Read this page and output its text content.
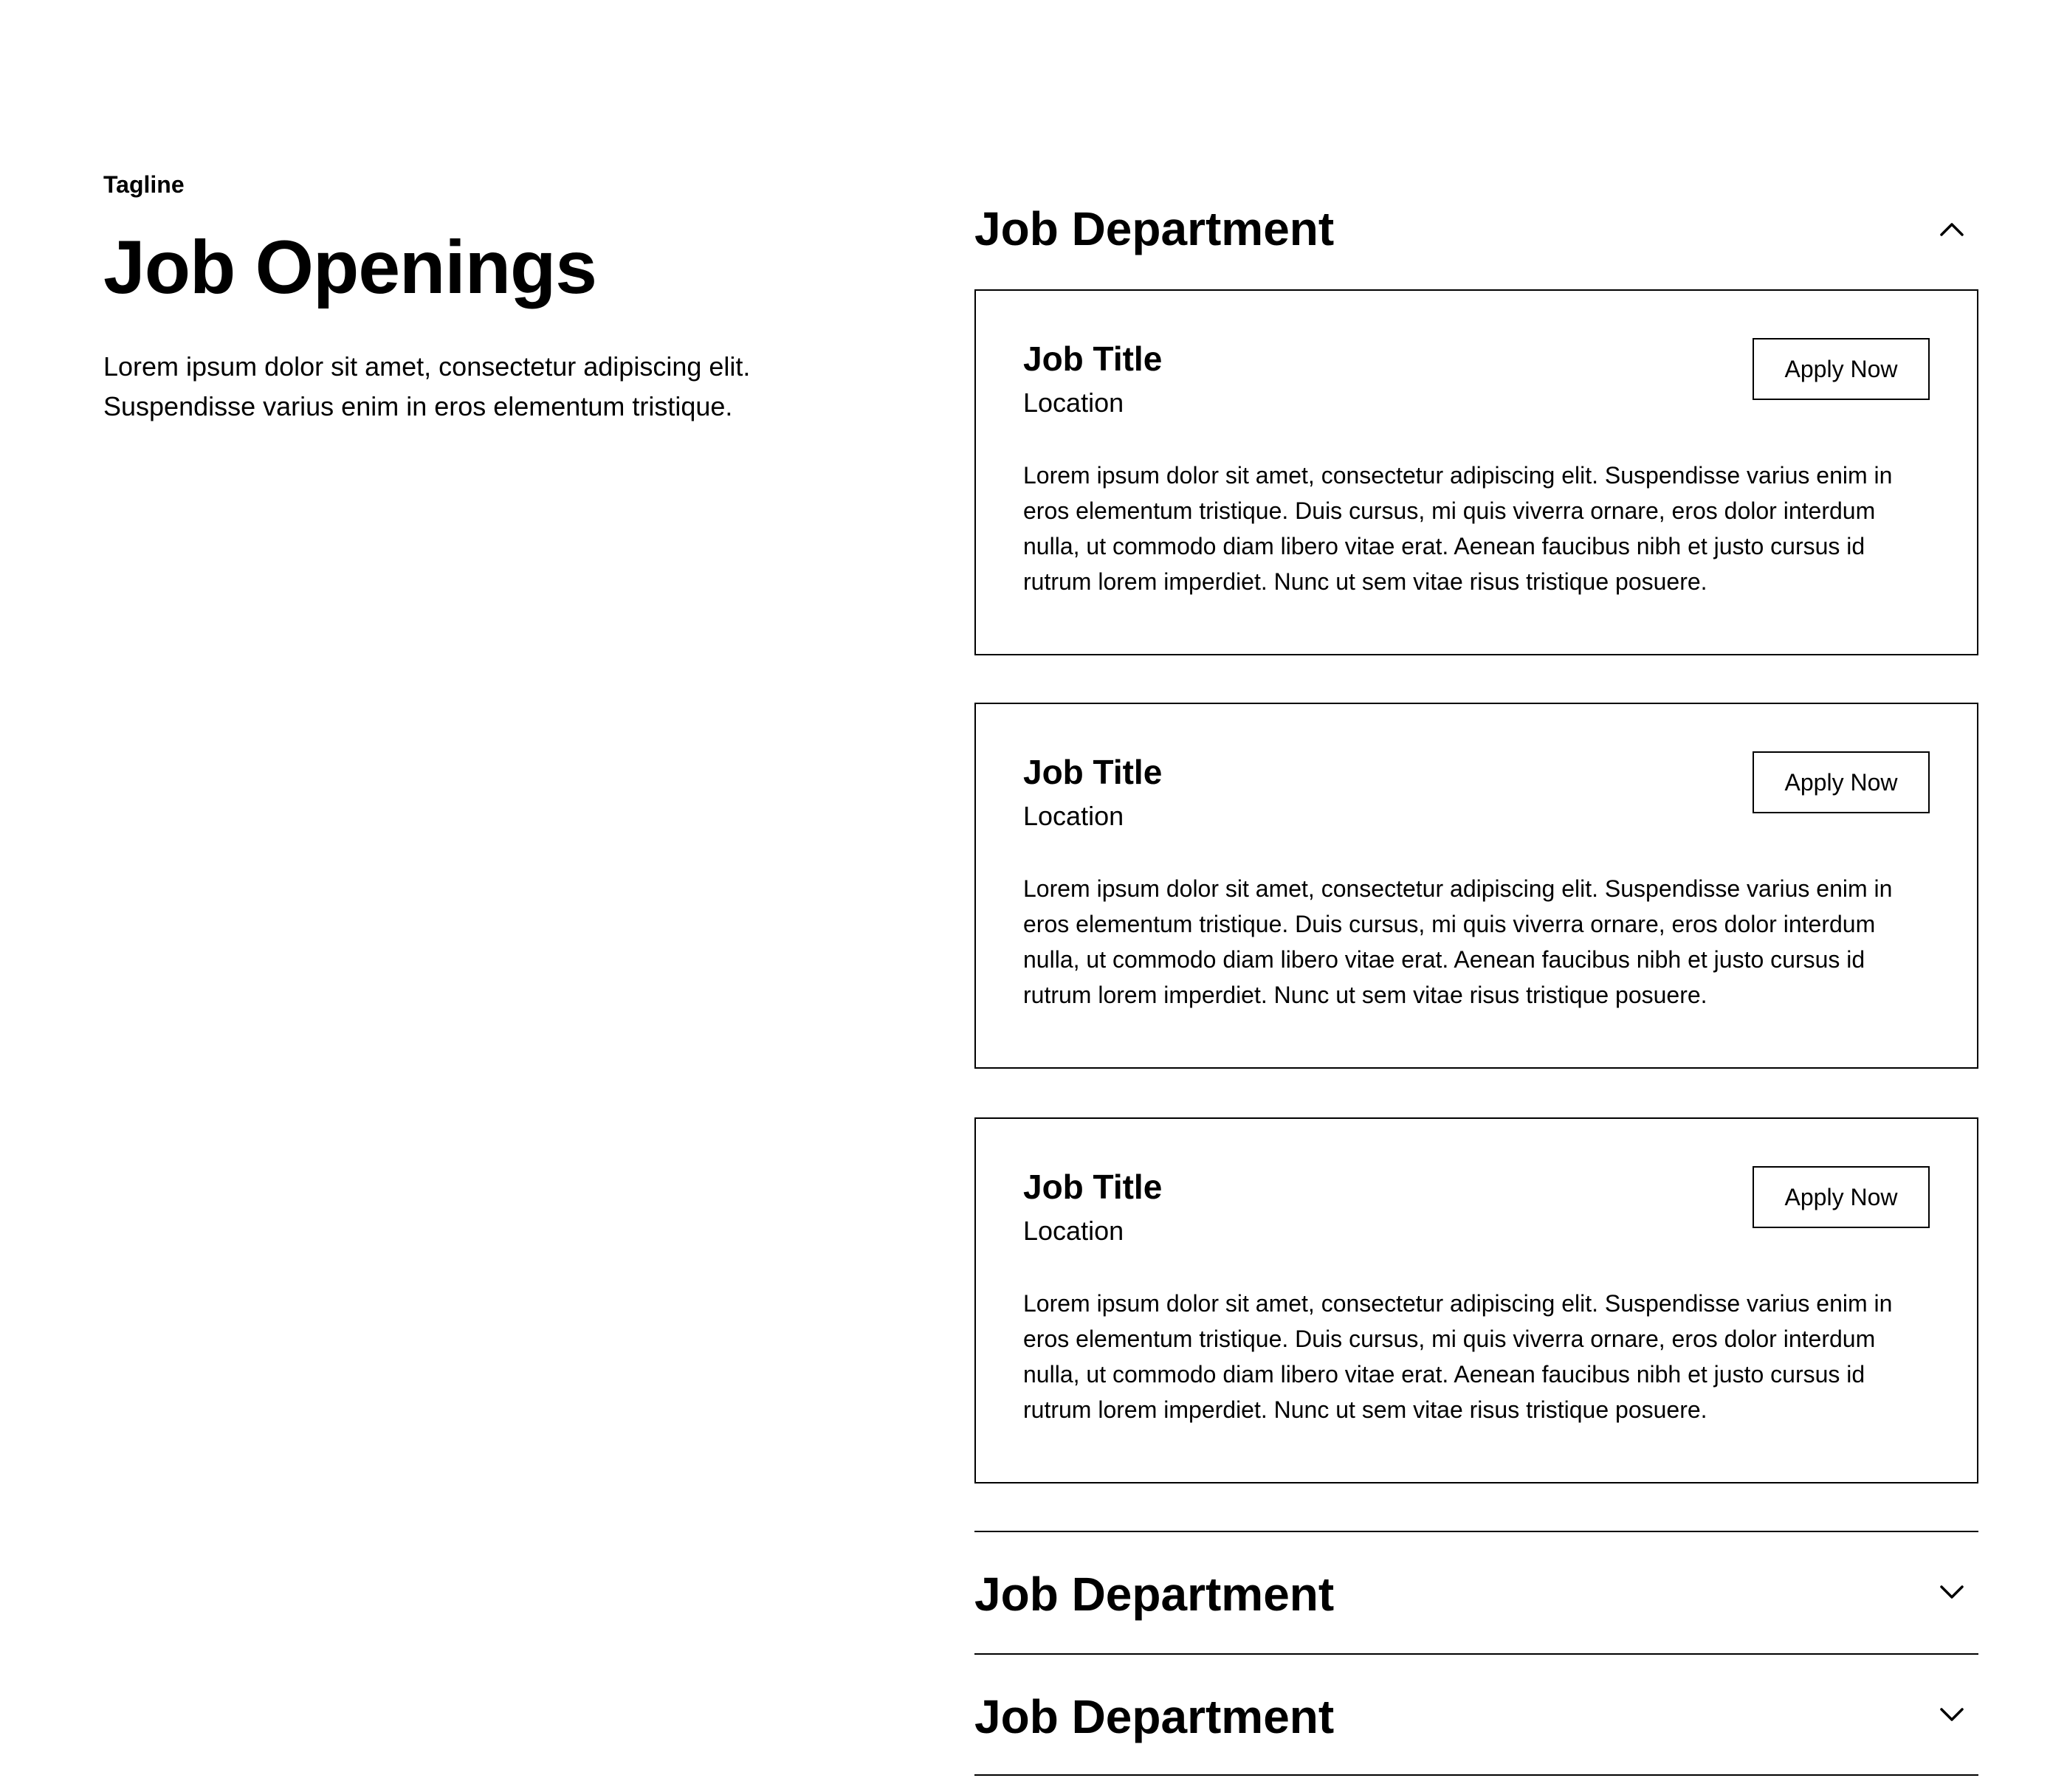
Tagline
Job Openings

Lorem ipsum dolor sit amet, consectetur adipiscing elit. Suspendisse varius enim in eros elementum tristique.

Job Department
Job Title
Location
Apply Now

Lorem ipsum dolor sit amet, consectetur adipiscing elit. Suspendisse varius enim in eros elementum tristique. Duis cursus, mi quis viverra ornare, eros dolor interdum nulla, ut commodo diam libero vitae erat. Aenean faucibus nibh et justo cursus id rutrum lorem imperdiet. Nunc ut sem vitae risus tristique posuere.

Job Title
Location
Apply Now

Lorem ipsum dolor sit amet, consectetur adipiscing elit. Suspendisse varius enim in eros elementum tristique. Duis cursus, mi quis viverra ornare, eros dolor interdum nulla, ut commodo diam libero vitae erat. Aenean faucibus nibh et justo cursus id rutrum lorem imperdiet. Nunc ut sem vitae risus tristique posuere.

Job Title
Location
Apply Now

Lorem ipsum dolor sit amet, consectetur adipiscing elit. Suspendisse varius enim in eros elementum tristique. Duis cursus, mi quis viverra ornare, eros dolor interdum nulla, ut commodo diam libero vitae erat. Aenean faucibus nibh et justo cursus id rutrum lorem imperdiet. Nunc ut sem vitae risus tristique posuere.

Job Department
Job Department
